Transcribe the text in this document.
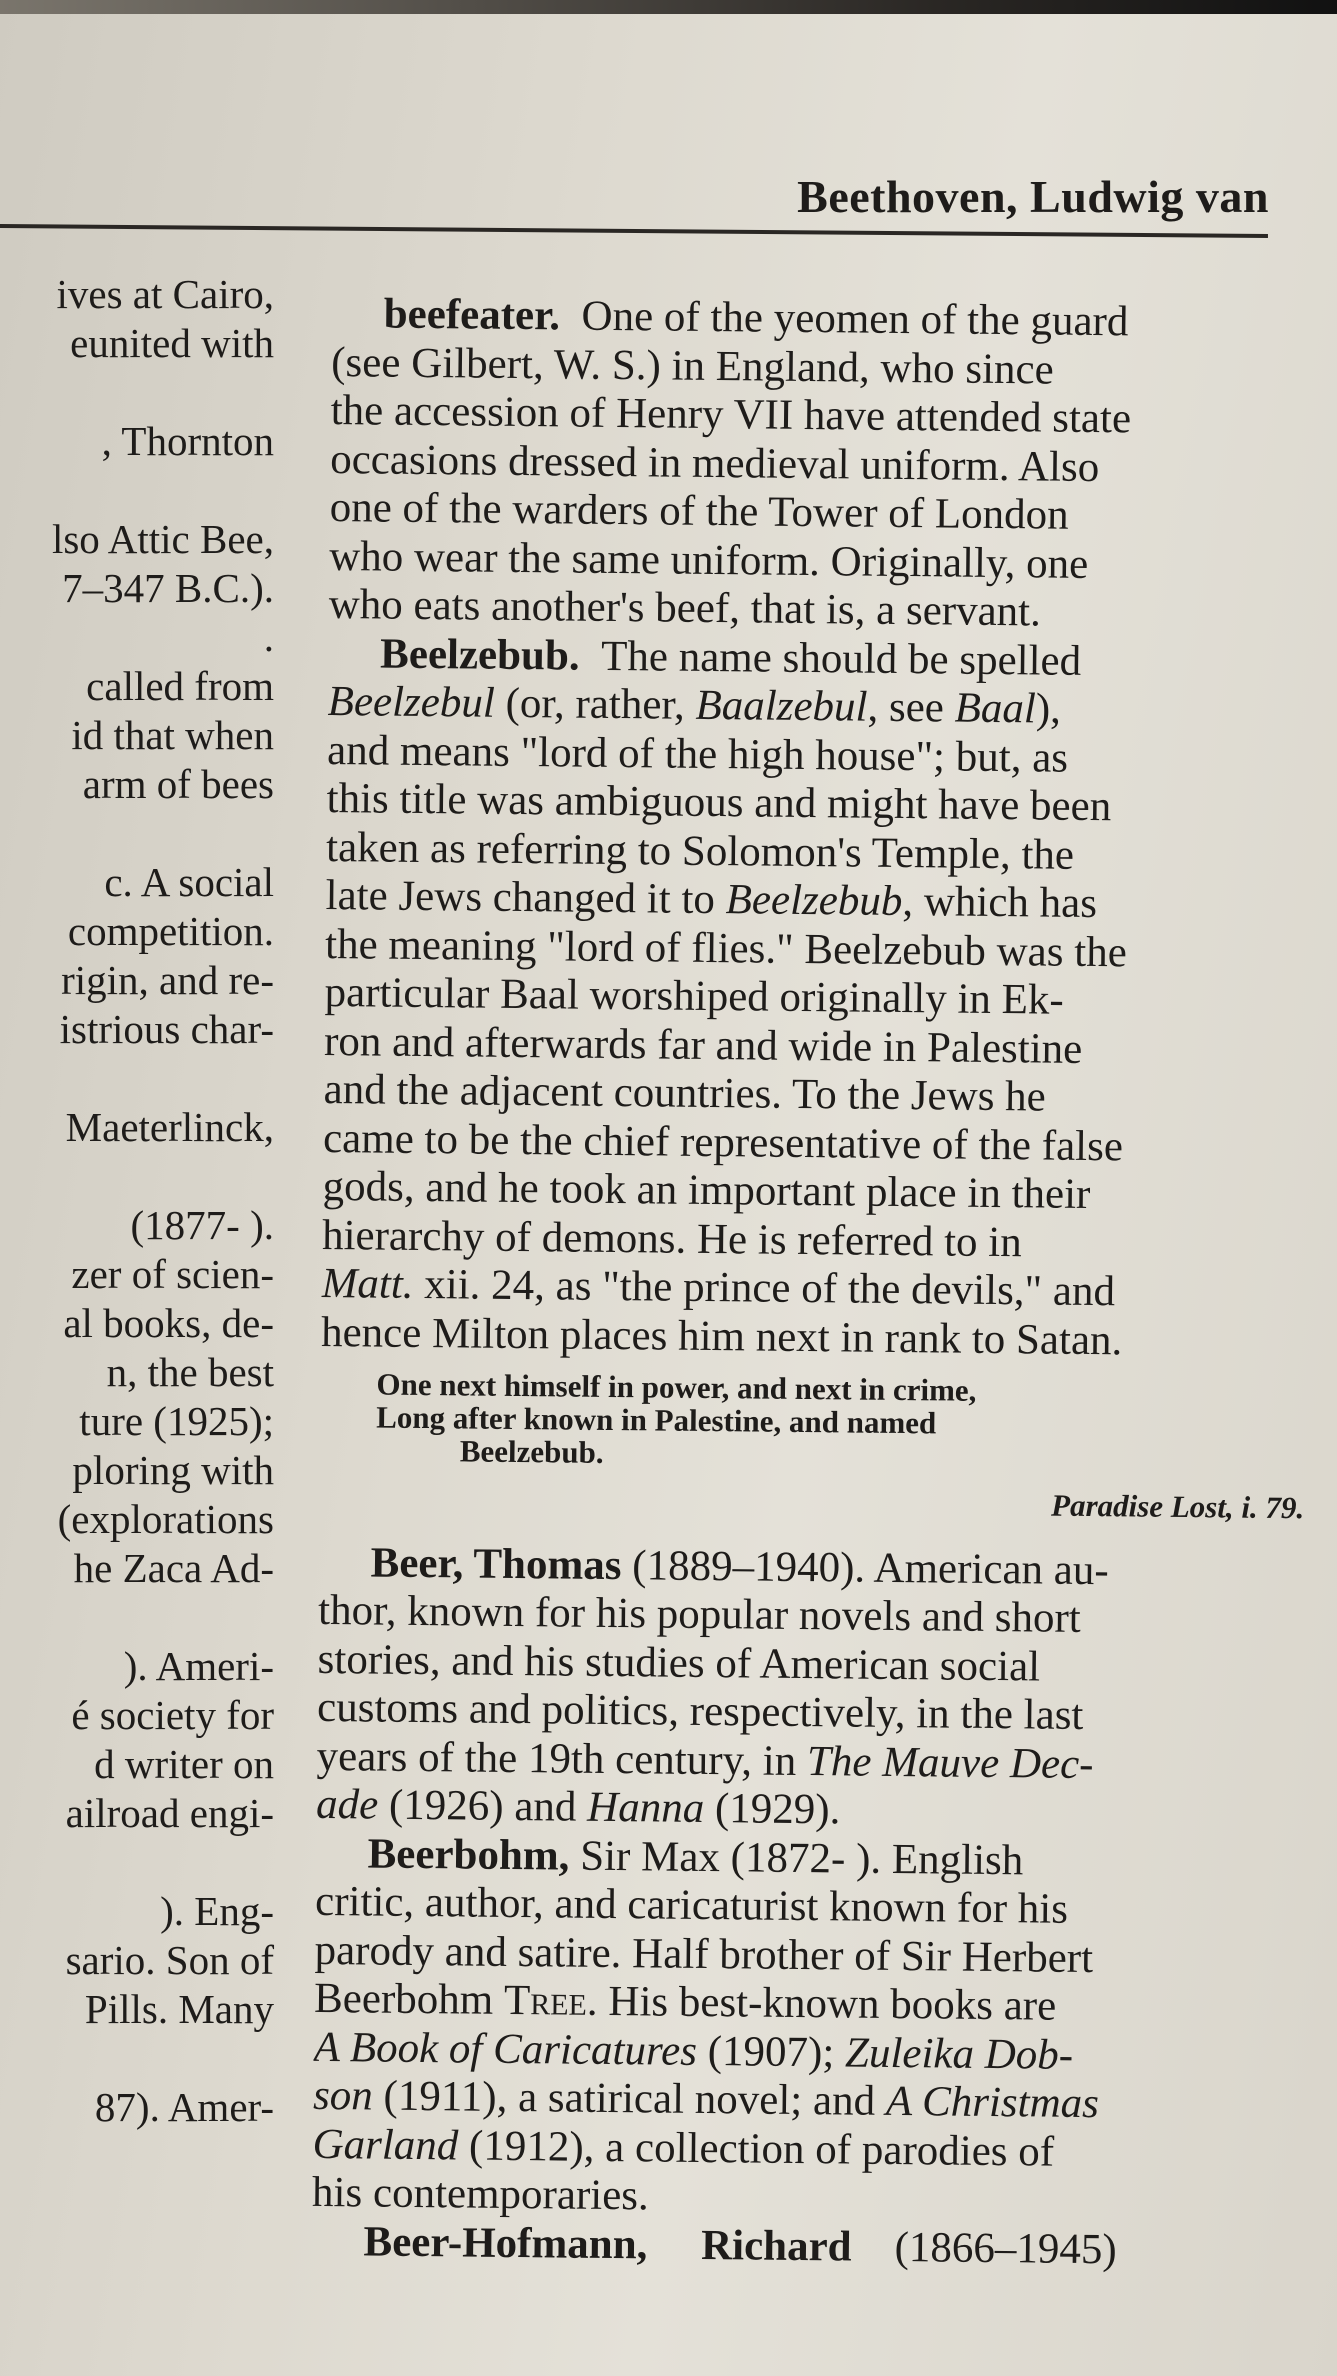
Beethoven, Ludwig van
ives at Cairo,
eunited with
, Thornton
lso Attic Bee,
7–347 B.C.).
.
called from
id that when
arm of bees
c. A social
competition.
rigin, and re-
istrious char-
Maeterlinck,
(1877- ).
zer of scien-
al books, de-
n, the best
ture (1925);
ploring with
(explorations
he Zaca Ad-
). Ameri-
é society for
d writer on
ailroad engi-
). Eng-
sario. Son of
Pills. Many
87). Amer-
beefeater. One of the yeomen of the guard
(see Gilbert, W. S.) in England, who since
the accession of Henry VII have attended state
occasions dressed in medieval uniform. Also
one of the warders of the Tower of London
who wear the same uniform. Originally, one
who eats another's beef, that is, a servant.
Beelzebub. The name should be spelled
Beelzebul (or, rather, Baalzebul, see Baal),
and means "lord of the high house"; but, as
this title was ambiguous and might have been
taken as referring to Solomon's Temple, the
late Jews changed it to Beelzebub, which has
the meaning "lord of flies." Beelzebub was the
particular Baal worshiped originally in Ek-
ron and afterwards far and wide in Palestine
and the adjacent countries. To the Jews he
came to be the chief representative of the false
gods, and he took an important place in their
hierarchy of demons. He is referred to in
Matt. xii. 24, as "the prince of the devils," and
hence Milton places him next in rank to Satan.
One next himself in power, and next in crime,
Long after known in Palestine, and named
Beelzebub.
Paradise Lost, i. 79.
Beer, Thomas (1889–1940). American au-
thor, known for his popular novels and short
stories, and his studies of American social
customs and politics, respectively, in the last
years of the 19th century, in The Mauve Dec-
ade (1926) and Hanna (1929).
Beerbohm, Sir Max (1872- ). English
critic, author, and caricaturist known for his
parody and satire. Half brother of Sir Herbert
Beerbohm Tree. His best-known books are
A Book of Caricatures (1907); Zuleika Dob-
son (1911), a satirical novel; and A Christmas
Garland (1912), a collection of parodies of
his contemporaries.
Beer-Hofmann, Richard (1866–1945)
